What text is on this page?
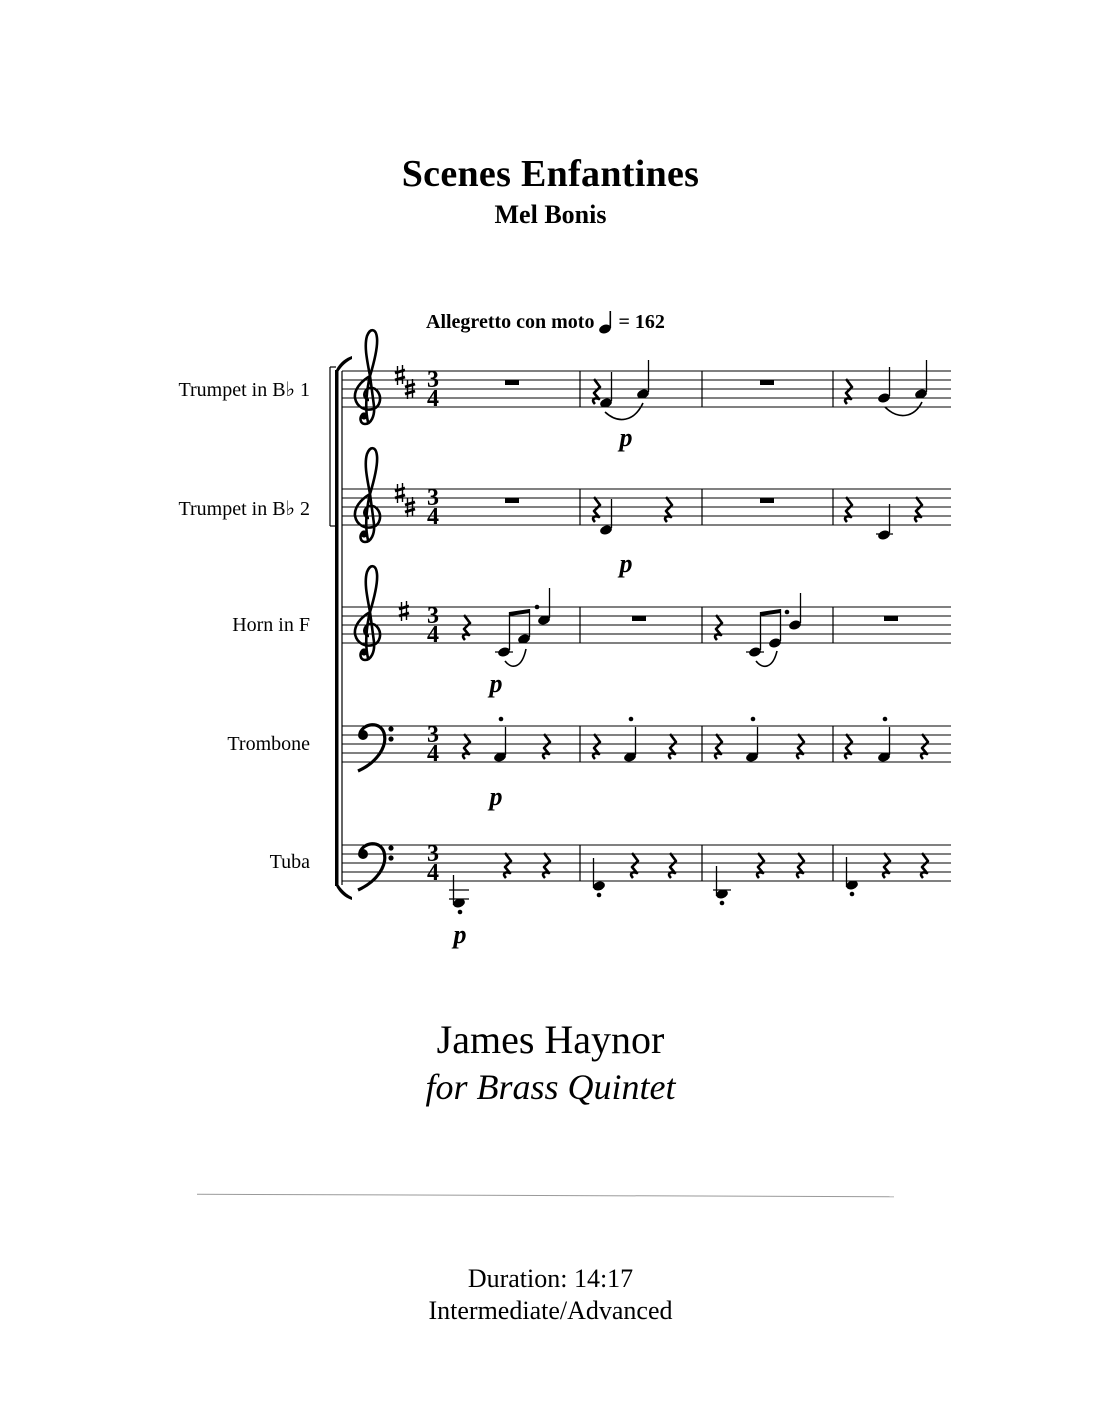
Scenes Enfantines
Mel Bonis
Allegretto con moto = 162
Trumpet in B♭ 1
Trumpet in B♭ 2
Horn in F
Trombone
Tuba
3
4
p
3
4
p
3
4
p
3
4
p
3
4
p
James Haynor
for Brass Quintet
Duration: 14:17
Intermediate/Advanced
